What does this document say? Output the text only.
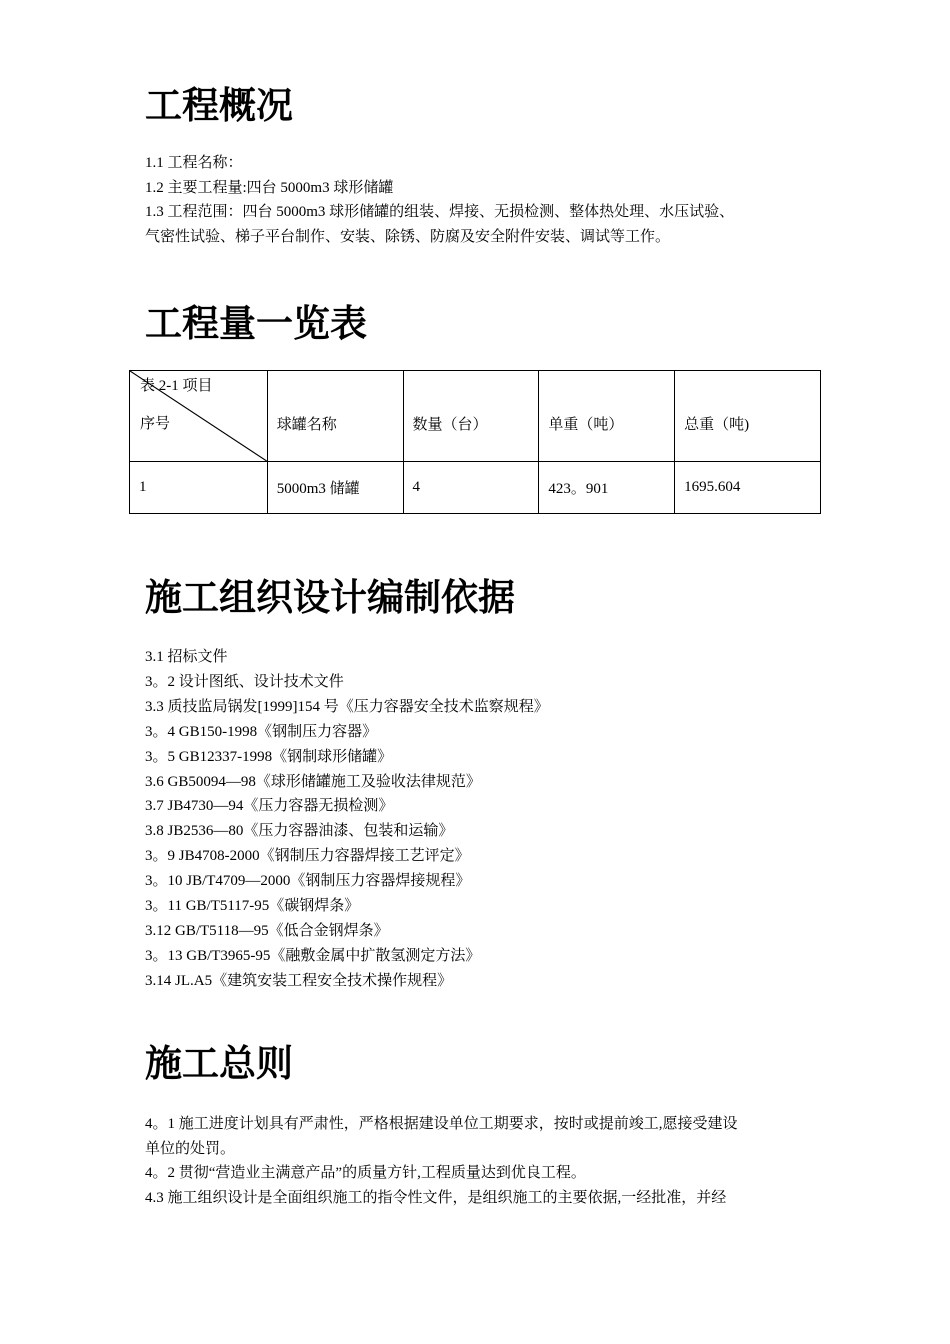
工程概况

1.1 工程名称：

1.2 主要工程量:四台 5000m3 球形储罐

1.3 工程范围：四台 5000m3 球形储罐的组装、焊接、无损检测、整体热处理、水压试验、

气密性试验、梯子平台制作、安装、除锈、防腐及安全附件安装、调试等工作。

工程量一览表
表 2-1 项目
序号	球罐名称	数量（台）	单重（吨）	总重（吨)
1	5000m3 储罐	4	423。901	1695.604
施工组织设计编制依据

3.1 招标文件

3。2 设计图纸、设计技术文件

3.3 质技监局锅发[1999]154 号《压力容器安全技术监察规程》

3。4 GB150-1998《钢制压力容器》

3。5 GB12337-1998《钢制球形储罐》

3.6 GB50094—98《球形储罐施工及验收法律规范》

3.7 JB4730—94《压力容器无损检测》

3.8 JB2536—80《压力容器油漆、包装和运输》

3。9 JB4708-2000《钢制压力容器焊接工艺评定》

3。10 JB/T4709—2000《钢制压力容器焊接规程》

3。11 GB/T5117-95《碳钢焊条》

3.12 GB/T5118—95《低合金钢焊条》

3。13 GB/T3965-95《融敷金属中扩散氢测定方法》

3.14 JL.A5《建筑安装工程安全技术操作规程》

施工总则

4。1 施工进度计划具有严肃性，严格根据建设单位工期要求，按时或提前竣工,愿接受建设

单位的处罚。

4。2 贯彻“营造业主满意产品”的质量方针,工程质量达到优良工程。

4.3 施工组织设计是全面组织施工的指令性文件，是组织施工的主要依据,一经批准，并经
